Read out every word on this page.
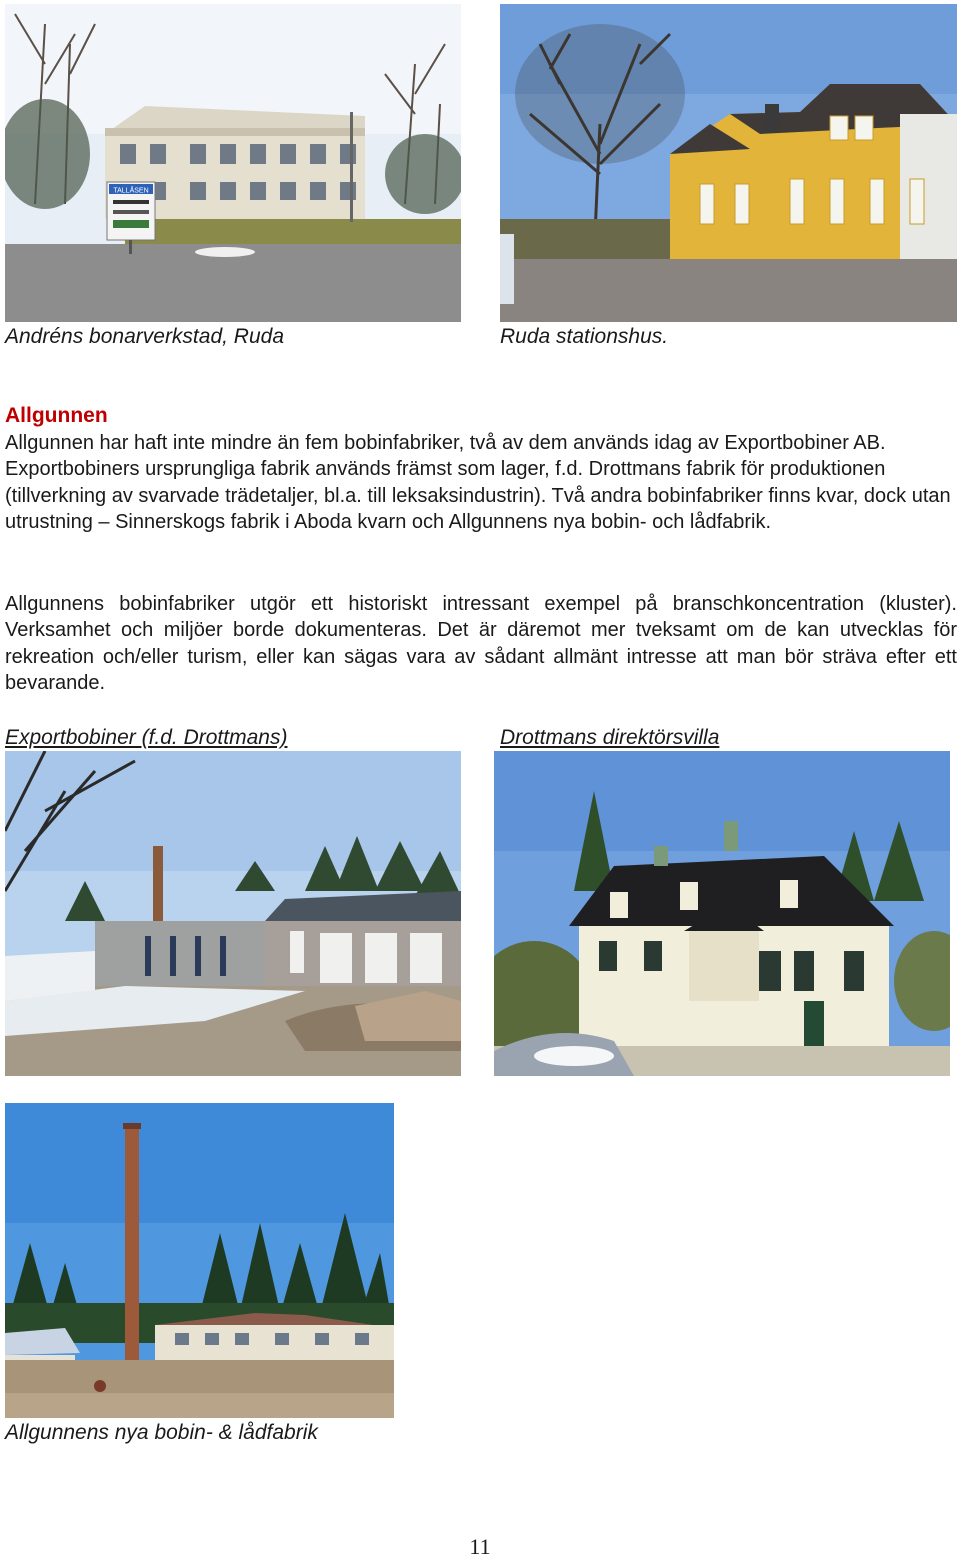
TALLÅSEN
Andréns bonarverkstad, Ruda	Ruda stationshus.
Allgunnen

Allgunnen har haft inte mindre än fem bobinfabriker, två av dem används idag av Exportbobiner AB. Exportbobiners ursprungliga fabrik används främst som lager, f.d. Drottmans fabrik för produktionen (tillverkning av svarvade trädetaljer, bl.a. till leksaksindustrin). Två andra bobinfabriker finns kvar, dock utan utrustning – Sinnerskogs fabrik i Aboda kvarn och Allgunnens nya bobin- och lådfabrik.

Allgunnens bobinfabriker utgör ett historiskt intressant exempel på branschkoncentration (kluster). Verksamhet och miljöer borde dokumenteras. Det är däremot mer tveksamt om de kan utvecklas för rekreation och/eller turism, eller kan sägas vara av sådant allmänt intresse att man bör sträva efter ett bevarande.

Exportbobiner (f.d. Drottmans)	Drottmans direktörsvilla
Allgunnens nya bobin- & lådfabrik
11
